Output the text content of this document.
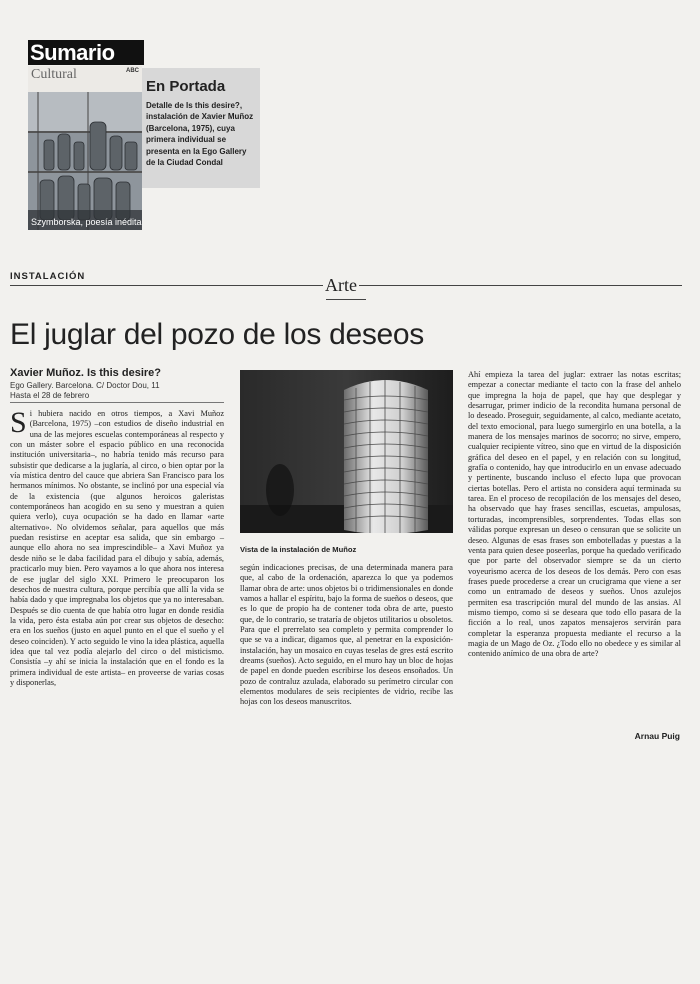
Sumario
Cultural	ABC
Szymborska, poesía inédita
En Portada
Detalle de Is this desire?, instalación de Xavier Muñoz (Barcelona, 1975), cuya primera individual se presenta en la Ego Gallery de la Ciudad Condal
INSTALACIÓN	Arte
El juglar del pozo de los deseos
Xavier Muñoz. Is this desire?
Ego Gallery. Barcelona. C/ Doctor Dou, 11
Hasta el 28 de febrero

Si hubiera nacido en otros tiempos, a Xavi Muñoz (Barcelona, 1975) –con estudios de diseño industrial en una de las mejores escuelas contemporáneas al respecto y con un máster sobre el espacio público en una reconocida institución universitaria–, no habría tenido más recurso para subsistir que dedicarse a la juglaría, al circo, o bien optar por la vía mística dentro del cauce que abriera San Francisco para los hermanos mínimos. No obstante, se inclinó por una especial vía de la existencia (que algunos heroicos galeristas contemporáneos han acogido en su seno y muestran a quien quiera verlo), cuya ocupación se ha dado en llamar «arte alternativo». No olvidemos señalar, para aquellos que más puedan resistirse en aceptar esa salida, que sin embargo –aunque ello ahora no sea imprescindible– a Xavi Muñoz ya desde niño se le daba facilidad para el dibujo y sabía, además, practicarlo muy bien. Pero vayamos a lo que ahora nos interesa de ese juglar del siglo XXI. Primero le preocuparon los desechos de nuestra cultura, porque percibía que allí la vida se había dado y que impregnaba los objetos que ya no interesaban. Después se dio cuenta de que había otro lugar en donde residía la vida, pero ésta estaba aún por crear sus objetos de desecho: era en los sueños (justo en aquel punto en el que el sueño y el deseo coinciden). Y acto seguido le vino la idea plástica, aquella idea que tal vez podía alejarlo del circo o del misticismo. Consistía –y ahí se inicia la instalación que en el fondo es la primera individual de este artista– en proveerse de varias cosas y disponerlas,

Vista de la instalación de Muñoz

según indicaciones precisas, de una determinada manera para que, al cabo de la ordenación, aparezca lo que ya podemos llamar obra de arte: unos objetos bi o tridimensionales en donde vamos a hallar el espíritu, bajo la forma de sueños o deseos, que es lo que de propio ha de contener toda obra de arte, puesto que, de lo contrario, se trataría de objetos utilitarios u obsoletos. Para que el prerrelato sea completo y permita comprender lo que se va a indicar, digamos que, al penetrar en la exposición-instalación, hay un mosaico en cuyas teselas de gres está escrito dreams (sueños). Acto seguido, en el muro hay un bloc de hojas de papel en donde pueden escribirse los deseos ensoñados. Un pozo de contraluz azulada, elaborado su perímetro circular con elementos modulares de seis recipientes de vidrio, recibe las hojas con los deseos manuscritos.

Ahí empieza la tarea del juglar: extraer las notas escritas; empezar a conectar mediante el tacto con la frase del anhelo que impregna la hoja de papel, que hay que desplegar y desarrugar, primer indicio de la recondita humana personal de lo deseado. Proseguir, seguidamente, al calco, mediante acetato, del texto emocional, para luego sumergirlo en una botella, a la manera de los mensajes marinos de socorro; no sirve, empero, cualquier recipiente vítreo, sino que en virtud de la disposición gráfica del deseo en el papel, y en relación con su longitud, grafía o contenido, hay que introducirlo en un envase adecuado y pertinente, buscando incluso el efecto lupa que provocan ciertas botellas. Pero el artista no considera aquí terminada su tarea. En el proceso de recopilación de los mensajes del deseo, ha observado que hay frases sencillas, escuetas, ampulosas, torturadas, incomprensibles, sorprendentes. Todas ellas son válidas porque expresan un deseo o censuran que se solicite un deseo. Algunas de esas frases son embotelladas y puestas a la venta para quien desee poseerlas, porque ha quedado verificado que por parte del observador siempre se da un cierto voyeurismo acerca de los deseos de los demás. Pero con esas frases puede procederse a crear un crucigrama que viene a ser como un entramado de deseos y sueños. Unos azulejos permiten esa trascripción mural del mundo de las ansias. Al mismo tiempo, como si se deseara que todo ello pasara de la ficción a lo real, unos zapatos mensajeros servirán para completar la esperanza propuesta mediante el recurso a la magia de un Mago de Oz. ¿Todo ello no obedece y es similar al contenido anímico de una obra de arte?

Arnau Puig
